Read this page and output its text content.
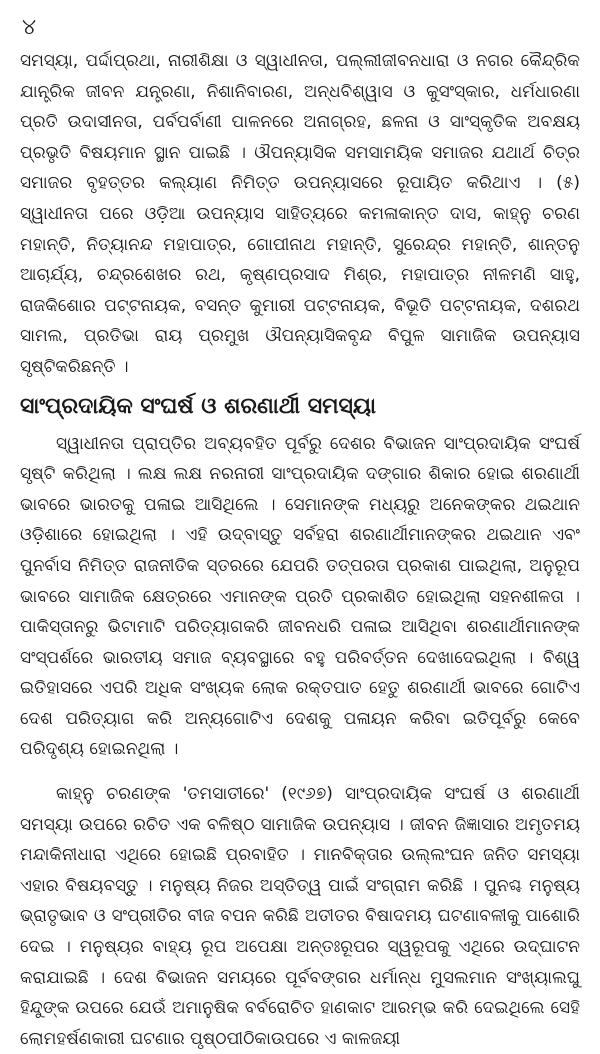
୪

ସମସ୍ୟା, ପର୍ଦ୍ଦାପ୍ରଥା, ନାରୀଶିକ୍ଷା ଓ ସ୍ୱାଧୀନତା, ପଲ୍ଲୀଜୀବନଧାରା ଓ ନଗର କୈନ୍ଦ୍ରିକ ଯାନ୍ତ୍ରିକ ଜୀବନ ଯନ୍ତ୍ରଣା, ନିଶାନିବାରଣ, ଅନ୍ଧବିଶ୍ୱାସ ଓ କୁସଂସ୍କାର, ଧର୍ମଧାରଣା ପ୍ରତି ଉଦାସୀନତା, ପର୍ବପର୍ବାଣୀ ପାଳନରେ ଅନାଗ୍ରହ, ଛଳନା ଓ ସାଂସ୍କୃତିକ ଅବକ୍ଷୟ ପ୍ରଭୃତି ବିଷୟମାନ ସ୍ଥାନ ପାଇଛି । ଔପନ୍ୟାସିକ ସମସାମୟିକ ସମାଜର ଯଥାର୍ଥ ଚିତ୍ର ସମାଜର ବୃହତ୍ତର କଲ୍ୟାଣ ନିମିତ୍ତ ଉପନ୍ୟାସରେ ରୂପାୟିତ କରିଥାଏ । (୫) ସ୍ୱାଧୀନତା ପରେ ଓଡ଼ିଆ ଉପନ୍ୟାସ ସାହିତ୍ୟରେ କମଳାକାନ୍ତ ଦାସ, କାହ୍ନୁ ଚରଣ ମହାନ୍ତି, ନିତ୍ୟାନନ୍ଦ ମହାପାତ୍ର, ଗୋପୀନାଥ ମହାନ୍ତି, ସୁରେନ୍ଦ୍ର ମହାନ୍ତି, ଶାନ୍ତନୁ ଆଚାର୍ଯ୍ୟ, ଚନ୍ଦ୍ରଶେଖର ରଥ, କୃଷ୍ଣପ୍ରସାଦ ମିଶ୍ର, ମହାପାତ୍ର ନୀଳମଣି ସାହୁ, ରାଜକିଶୋର ପଟ୍ଟନାୟକ, ବସନ୍ତ କୁମାରୀ ପଟ୍ଟନାୟକ, ବିଭୂତି ପଟ୍ଟନାୟକ, ଦଶରଥ ସାମଲ, ପ୍ରତିଭା ରାୟ ପ୍ରମୁଖ ଔପନ୍ୟାସିକବୃନ୍ଦ ବିପୁଳ ସାମାଜିକ ଉପନ୍ୟାସ ସୃଷ୍ଟିକରିଛନ୍ତି ।

ସାଂପ୍ରଦାୟିକ ସଂଘର୍ଷ ଓ ଶରଣାର୍ଥୀ ସମସ୍ୟା

ସ୍ୱାଧୀନତା ପ୍ରାପ୍ତିର ଅବ୍ୟବହିତ ପୂର୍ବରୁ ଦେଶର ବିଭାଜନ ସାଂପ୍ରଦାୟିକ ସଂଘର୍ଷ ସୃଷ୍ଟି କରିଥିଲା । ଲକ୍ଷ ଲକ୍ଷ ନରନାରୀ ସାଂପ୍ରଦାୟିକ ଦଙ୍ଗାର ଶିକାର ହୋଇ ଶରଣାର୍ଥୀ ଭାବରେ ଭାରତକୁ ପଳାଇ ଆସିଥିଲେ । ସେମାନଙ୍କ ମଧ୍ୟରୁ ଅନେକଙ୍କର ଥଇଥାନ ଓଡ଼ିଶାରେ ହୋଇଥିଲା । ଏହି ଉଦ୍‌ବାସ୍ତୁ ସର୍ବହରା ଶରଣାର୍ଥୀମାନଙ୍କର ଥଇଥାନ ଏବଂ ପୁନର୍ବାସ ନିମିତ୍ତ ରାଜନୀତିକ ସ୍ତରରେ ଯେପରି ତତ୍ପରତା ପ୍ରକାଶ ପାଇଥିଲା, ଅନୁରୂପ ଭାବରେ ସାମାଜିକ କ୍ଷେତ୍ରରେ ଏମାନଙ୍କ ପ୍ରତି ପ୍ରକାଶିତ ହୋଇଥିଲା ସହନଶୀଳତା । ପାକିସ୍ତାନରୁ ଭିଟାମାଟି ପରିତ୍ୟାଗକରି ଜୀବନଧରି ପଳାଇ ଆସିଥିବା ଶରଣାର୍ଥୀମାନଙ୍କ ସଂସ୍ପର୍ଶରେ ଭାରତୀୟ ସମାଜ ବ୍ୟବସ୍ଥାରେ ବହୁ ପରିବର୍ତ୍ତନ ଦେଖାଦେଇଥିଲା । ବିଶ୍ୱ ଇତିହାସରେ ଏପରି ଅଧିକ ସଂଖ୍ୟକ ଲୋକ ରକ୍ତପାତ ହେତୁ ଶରଣାର୍ଥୀ ଭାବରେ ଗୋଟିଏ ଦେଶ ପରିତ୍ୟାଗ କରି ଅନ୍ୟଗୋଟିଏ ଦେଶକୁ ପଳାୟନ କରିବା ଇତିପୂର୍ବରୁ କେବେ ପରିଦୃଶ୍ୟ ହୋଇନଥିଲା ।

କାହ୍ନୁ ଚରଣଙ୍କ 'ତମସାତୀରେ' (୧୯୬୭) ସାଂପ୍ରଦାୟିକ ସଂଘର୍ଷ ଓ ଶରଣାର୍ଥୀ ସମସ୍ୟା ଉପରେ ରଚିତ ଏକ ବଳିଷ୍ଠ ସାମାଜିକ ଉପନ୍ୟାସ । ଜୀବନ ଜିଜ୍ଞାସାର ଅମୃତମୟ ମନ୍ଦାକିନୀଧାରା ଏଥିରେ ହୋଇଛି ପ୍ରବାହିତ । ମାନବିକ୍ତାର ଉଲ୍ଲଂଘନ ଜନିତ ସମସ୍ୟା ଏହାର ବିଷୟବସ୍ତୁ । ମନୁଷ୍ୟ ନିଜର ଅସ୍ତିତ୍ୱ ପାଇଁ ସଂଗ୍ରାମ କରିଛି । ପୁନଶ୍ଚ ମନୁଷ୍ୟ ଭ୍ରାତୃଭାବ ଓ ସଂପ୍ରୀତିର ବୀଜ ବପନ କରିଛି ଅତୀତର ବିଷାଦମୟ ଘଟଣାବଳୀକୁ ପାଶୋରି ଦେଇ । ମନୁଷ୍ୟର ବାହ୍ୟ ରୂପ ଅପେକ୍ଷା ଅନ୍ତଃରୂପର ସ୍ୱରୂପକୁ ଏଥିରେ ଉଦ୍‌ଘାଟନ କରାଯାଇଛି । ଦେଶ ବିଭାଜନ ସମୟରେ ପୂର୍ବବଙ୍ଗର ଧର୍ମାନ୍ଧ ମୁସଲମାନ ସଂଖ୍ୟାଲଘୁ ହିନ୍ଦୁଙ୍କ ଉପରେ ଯେଉଁ ଅମାନୁଷିକ ବର୍ବରୋଚିତ ହାଣକାଟ ଆରମ୍ଭ କରି ଦେଇଥିଲେ ସେହି ଲୋମହର୍ଷଣକାରୀ ଘଟଣାର ପୃଷ୍ଠପୀଠିକାଉପରେ ଏ କାଳଜୟୀ
